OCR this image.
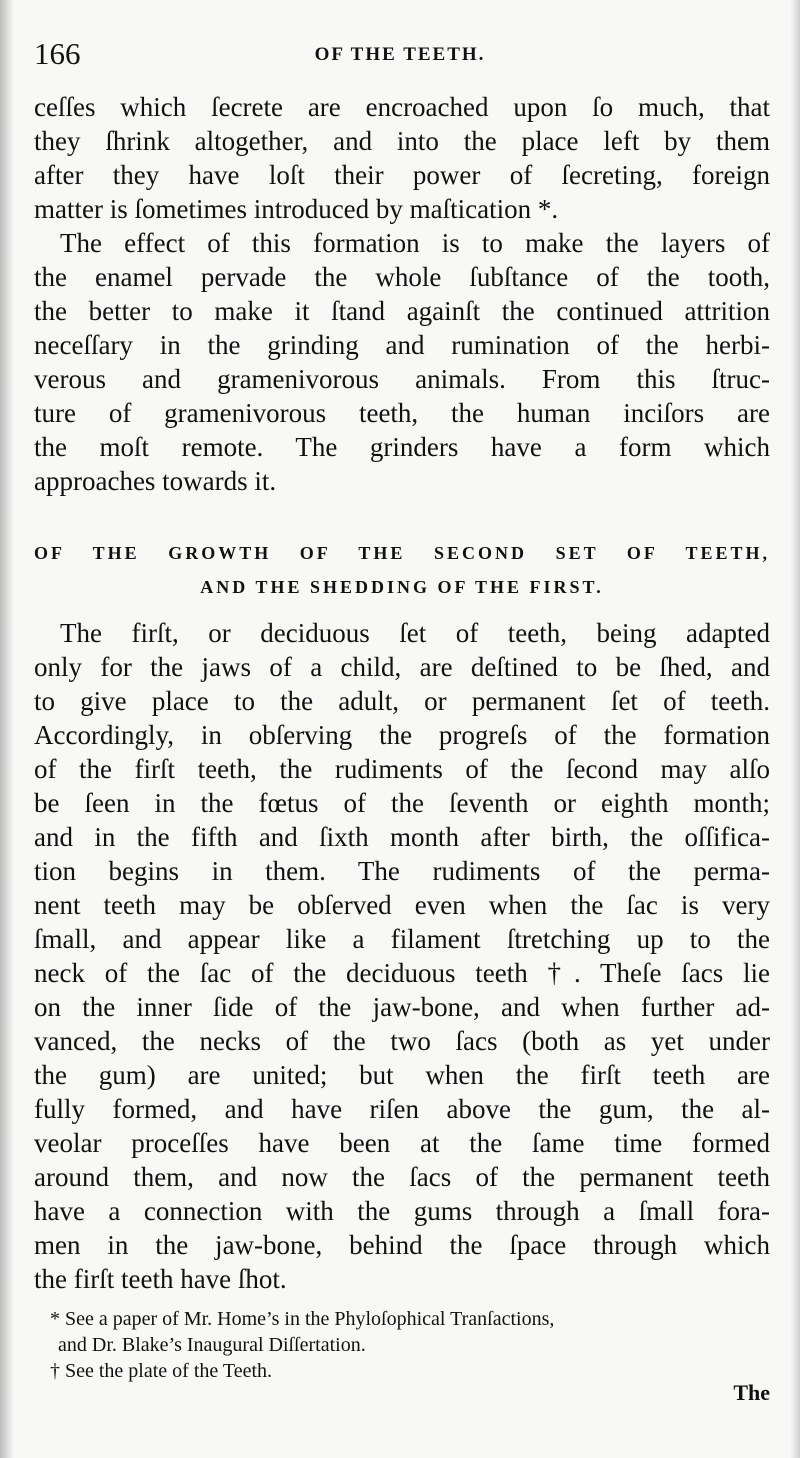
166	OF THE TEETH.

ceſſes which ſecrete are encroached upon ſo much, that
they ſhrink altogether, and into the place left by them
after they have loſt their power of ſecreting, foreign
matter is ſometimes introduced by maſtication *.

The effect of this formation is to make the layers of
the enamel pervade the whole ſubſtance of the tooth,
the better to make it ſtand againſt the continued attrition
neceſſary in the grinding and rumination of the herbi-
verous and gramenivorous animals. From this ſtruc-
ture of gramenivorous teeth, the human inciſors are
the moſt remote. The grinders have a form which
approaches towards it.

OF THE GROWTH OF THE SECOND SET OF TEETH,
AND THE SHEDDING OF THE FIRST.

The firſt, or deciduous ſet of teeth, being adapted
only for the jaws of a child, are deſtined to be ſhed, and
to give place to the adult, or permanent ſet of teeth.
Accordingly, in obſerving the progreſs of the formation
of the firſt teeth, the rudiments of the ſecond may alſo
be ſeen in the fœtus of the ſeventh or eighth month;
and in the fifth and ſixth month after birth, the oſſifica-
tion begins in them. The rudiments of the perma-
nent teeth may be obſerved even when the ſac is very
ſmall, and appear like a filament ſtretching up to the
neck of the ſac of the deciduous teeth †. Theſe ſacs lie
on the inner ſide of the jaw-bone, and when further ad-
vanced, the necks of the two ſacs (both as yet under
the gum) are united; but when the firſt teeth are
fully formed, and have riſen above the gum, the al-
veolar proceſſes have been at the ſame time formed
around them, and now the ſacs of the permanent teeth
have a connection with the gums through a ſmall fora-
men in the jaw-bone, behind the ſpace through which
the firſt teeth have ſhot.

* See a paper of Mr. Home’s in the Phyloſophical Tranſactions,
and Dr. Blake’s Inaugural Diſſertation.
† See the plate of the Teeth.
The
